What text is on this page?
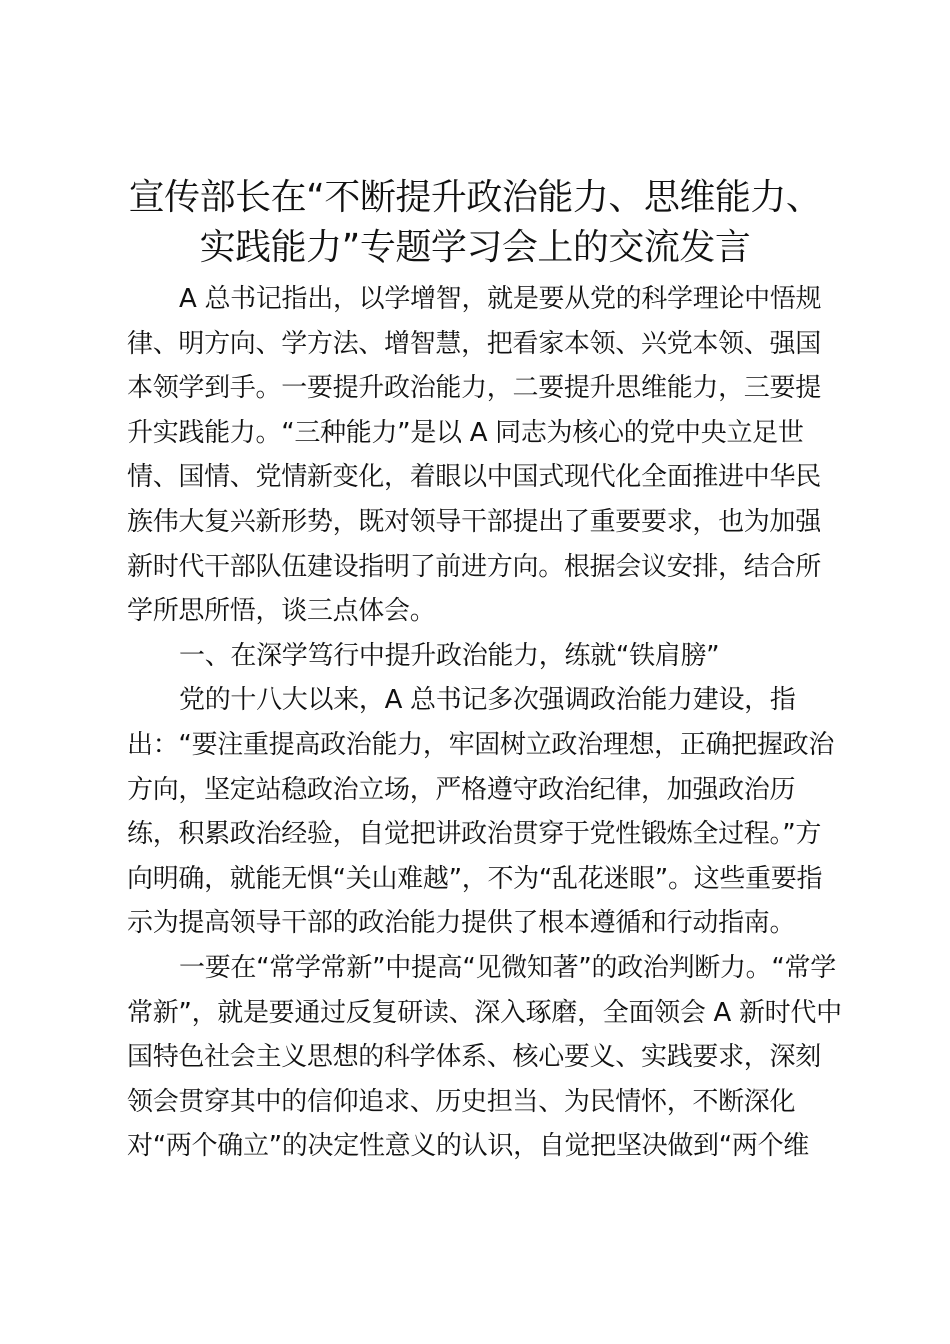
宣传部长在“不断提升政治能力、思维能力、
实践能力”专题学习会上的交流发言
A 总书记指出，以学增智，就是要从党的科学理论中悟规
律、明方向、学方法、增智慧，把看家本领、兴党本领、强国
本领学到手。一要提升政治能力，二要提升思维能力，三要提
升实践能力。“三种能力”是以 A 同志为核心的党中央立足世
情、国情、党情新变化，着眼以中国式现代化全面推进中华民
族伟大复兴新形势，既对领导干部提出了重要要求，也为加强
新时代干部队伍建设指明了前进方向。根据会议安排，结合所
学所思所悟，谈三点体会。
一、在深学笃行中提升政治能力，练就“铁肩膀”
党的十八大以来，A 总书记多次强调政治能力建设，指
出：“要注重提高政治能力，牢固树立政治理想，正确把握政治
方向，坚定站稳政治立场，严格遵守政治纪律，加强政治历
练，积累政治经验，自觉把讲政治贯穿于党性锻炼全过程。”方
向明确，就能无惧“关山难越”，不为“乱花迷眼”。这些重要指
示为提高领导干部的政治能力提供了根本遵循和行动指南。
一要在“常学常新”中提高“见微知著”的政治判断力。“常学
常新”，就是要通过反复研读、深入琢磨，全面领会 A 新时代中
国特色社会主义思想的科学体系、核心要义、实践要求，深刻
领会贯穿其中的信仰追求、历史担当、为民情怀，不断深化
对“两个确立”的决定性意义的认识，自觉把坚决做到“两个维
